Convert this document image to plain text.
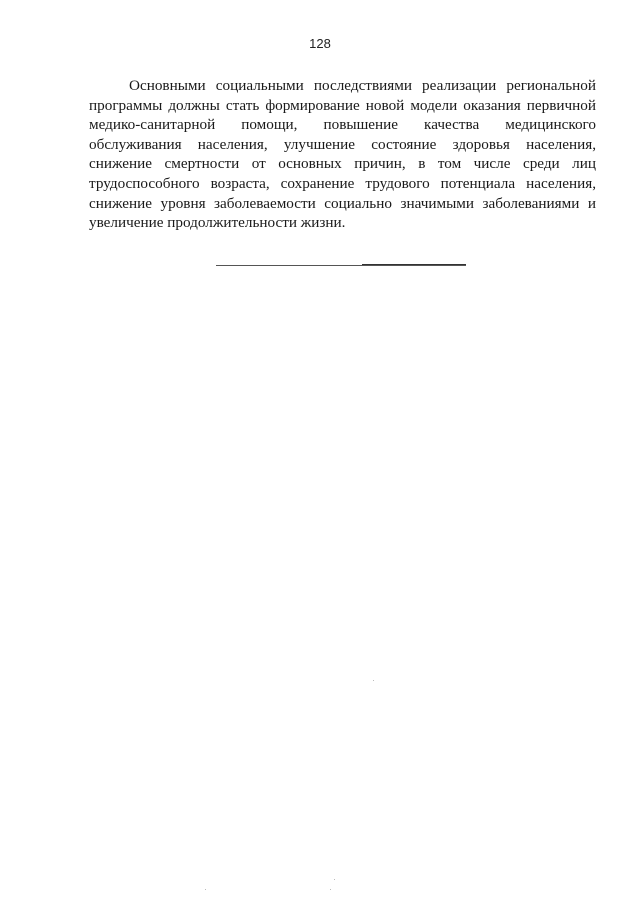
128

Основными социальными последствиями реализации региональной программы должны стать формирование новой модели оказания первичной медико-санитарной помощи, повышение качества медицинского обслуживания населения, улучшение состояние здоровья населения, снижение смертности от основных причин, в том числе среди лиц трудоспособного возраста, сохранение трудового потенциала населения, снижение уровня заболеваемости социально значимыми заболеваниями и увеличение продолжительности жизни.
